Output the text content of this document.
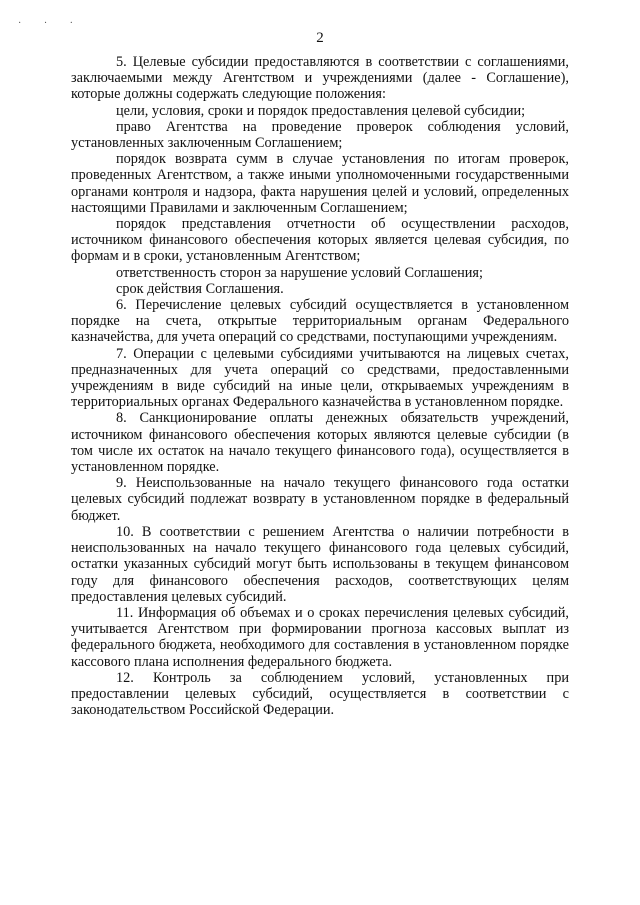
· · ·
2

5. Целевые субсидии предоставляются в соответствии с соглашениями, заключаемыми между Агентством и учреждениями (далее - Соглашение), которые должны содержать следующие положения:

цели, условия, сроки и порядок предоставления целевой субсидии;

право Агентства на проведение проверок соблюдения условий, установленных заключенным Соглашением;

порядок возврата сумм в случае установления по итогам проверок, проведенных Агентством, а также иными уполномоченными государственными органами контроля и надзора, факта нарушения целей и условий, определенных настоящими Правилами и заключенным Соглашением;

порядок представления отчетности об осуществлении расходов, источником финансового обеспечения которых является целевая субсидия, по формам и в сроки, установленным Агентством;

ответственность сторон за нарушение условий Соглашения;

срок действия Соглашения.

6. Перечисление целевых субсидий осуществляется в установленном порядке на счета, открытые территориальным органам Федерального казначейства, для учета операций со средствами, поступающими учреждениям.

7. Операции с целевыми субсидиями учитываются на лицевых счетах, предназначенных для учета операций со средствами, предоставленными учреждениям в виде субсидий на иные цели, открываемых учреждениям в территориальных органах Федерального казначейства в установленном порядке.

8. Санкционирование оплаты денежных обязательств учреждений, источником финансового обеспечения которых являются целевые субсидии (в том числе их остаток на начало текущего финансового года), осуществляется в установленном порядке.

9. Неиспользованные на начало текущего финансового года остатки целевых субсидий подлежат возврату в установленном порядке в федеральный бюджет.

10. В соответствии с решением Агентства о наличии потребности в неиспользованных на начало текущего финансового года целевых субсидий, остатки указанных субсидий могут быть использованы в текущем финансовом году для финансового обеспечения расходов, соответствующих целям предоставления целевых субсидий.

11. Информация об объемах и о сроках перечисления целевых субсидий, учитывается Агентством при формировании прогноза кассовых выплат из федерального бюджета, необходимого для составления в установленном порядке кассового плана исполнения федерального бюджета.

12. Контроль за соблюдением условий, установленных при предоставлении целевых субсидий, осуществляется в соответствии с законодательством Российской Федерации.
